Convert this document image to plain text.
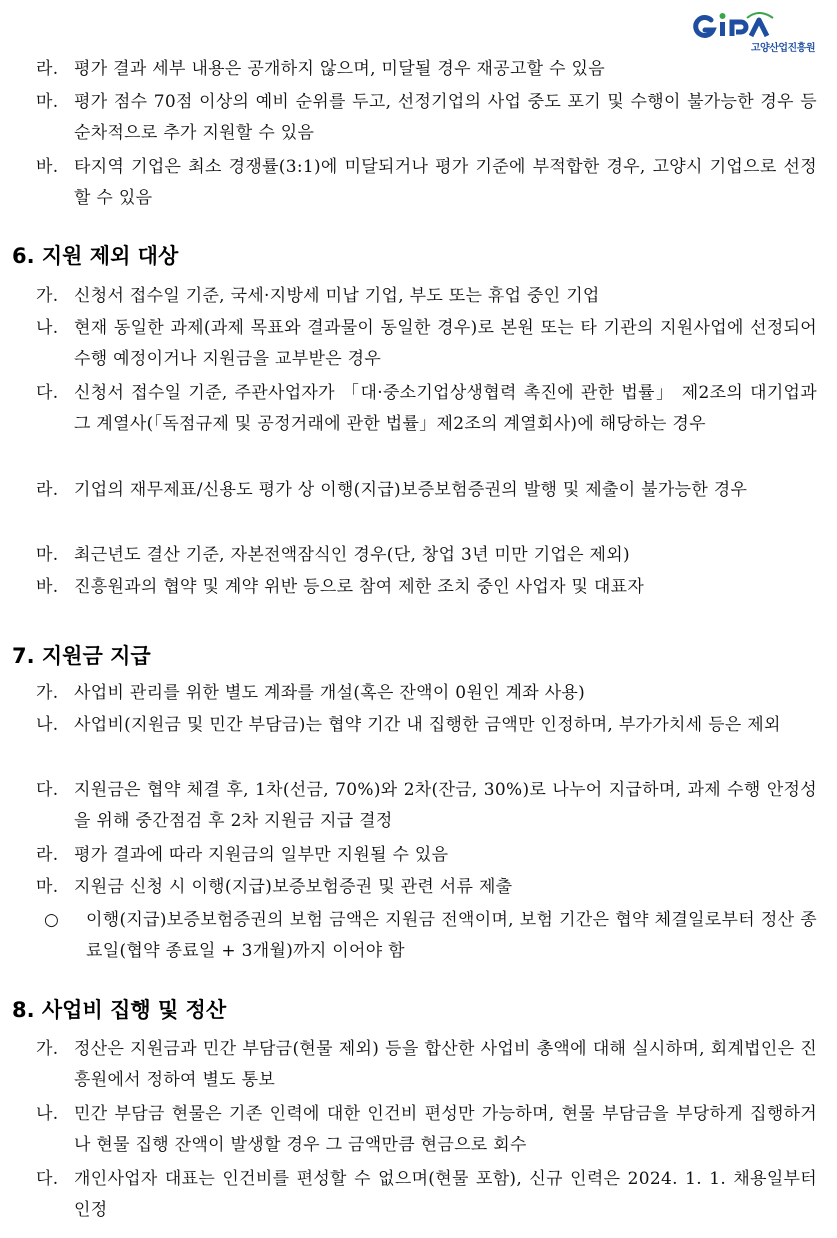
고양산업진흥원
라. 평가 결과 세부 내용은 공개하지 않으며, 미달될 경우 재공고할 수 있음
마. 평가 점수 70점 이상의 예비 순위를 두고, 선정기업의 사업 중도 포기 및 수행이 불가능한 경우 등 순차적으로 추가 지원할 수 있음
바. 타지역 기업은 최소 경쟁률(3:1)에 미달되거나 평가 기준에 부적합한 경우, 고양시 기업으로 선정할 수 있음
6. 지원 제외 대상
가. 신청서 접수일 기준, 국세·지방세 미납 기업, 부도 또는 휴업 중인 기업
나. 현재 동일한 과제(과제 목표와 결과물이 동일한 경우)로 본원 또는 타 기관의 지원사업에 선정되어 수행 예정이거나 지원금을 교부받은 경우
다. 신청서 접수일 기준, 주관사업자가 「대·중소기업상생협력 촉진에 관한 법률」 제2조의 대기업과 그 계열사(「독점규제 및 공정거래에 관한 법률」제2조의 계열회사)에 해당하는 경우
라. 기업의 재무제표/신용도 평가 상 이행(지급)보증보험증권의 발행 및 제출이 불가능한 경우
마. 최근년도 결산 기준, 자본전액잠식인 경우(단, 창업 3년 미만 기업은 제외)
바. 진흥원과의 협약 및 계약 위반 등으로 참여 제한 조치 중인 사업자 및 대표자
7. 지원금 지급
가. 사업비 관리를 위한 별도 계좌를 개설(혹은 잔액이 0원인 계좌 사용)
나. 사업비(지원금 및 민간 부담금)는 협약 기간 내 집행한 금액만 인정하며, 부가가치세 등은 제외
다. 지원금은 협약 체결 후, 1차(선금, 70%)와 2차(잔금, 30%)로 나누어 지급하며, 과제 수행 안정성을 위해 중간점검 후 2차 지원금 지급 결정
라. 평가 결과에 따라 지원금의 일부만 지원될 수 있음
마. 지원금 신청 시 이행(지급)보증보험증권 및 관련 서류 제출
○	이행(지급)보증보험증권의 보험 금액은 지원금 전액이며, 보험 기간은 협약 체결일로부터 정산 종료일(협약 종료일 + 3개월)까지 이어야 함
8. 사업비 집행 및 정산
가. 정산은 지원금과 민간 부담금(현물 제외) 등을 합산한 사업비 총액에 대해 실시하며, 회계법인은 진흥원에서 정하여 별도 통보
나. 민간 부담금 현물은 기존 인력에 대한 인건비 편성만 가능하며, 현물 부담금을 부당하게 집행하거나 현물 집행 잔액이 발생할 경우 그 금액만큼 현금으로 회수
다. 개인사업자 대표는 인건비를 편성할 수 없으며(현물 포함), 신규 인력은 2024. 1. 1. 채용일부터 인정
